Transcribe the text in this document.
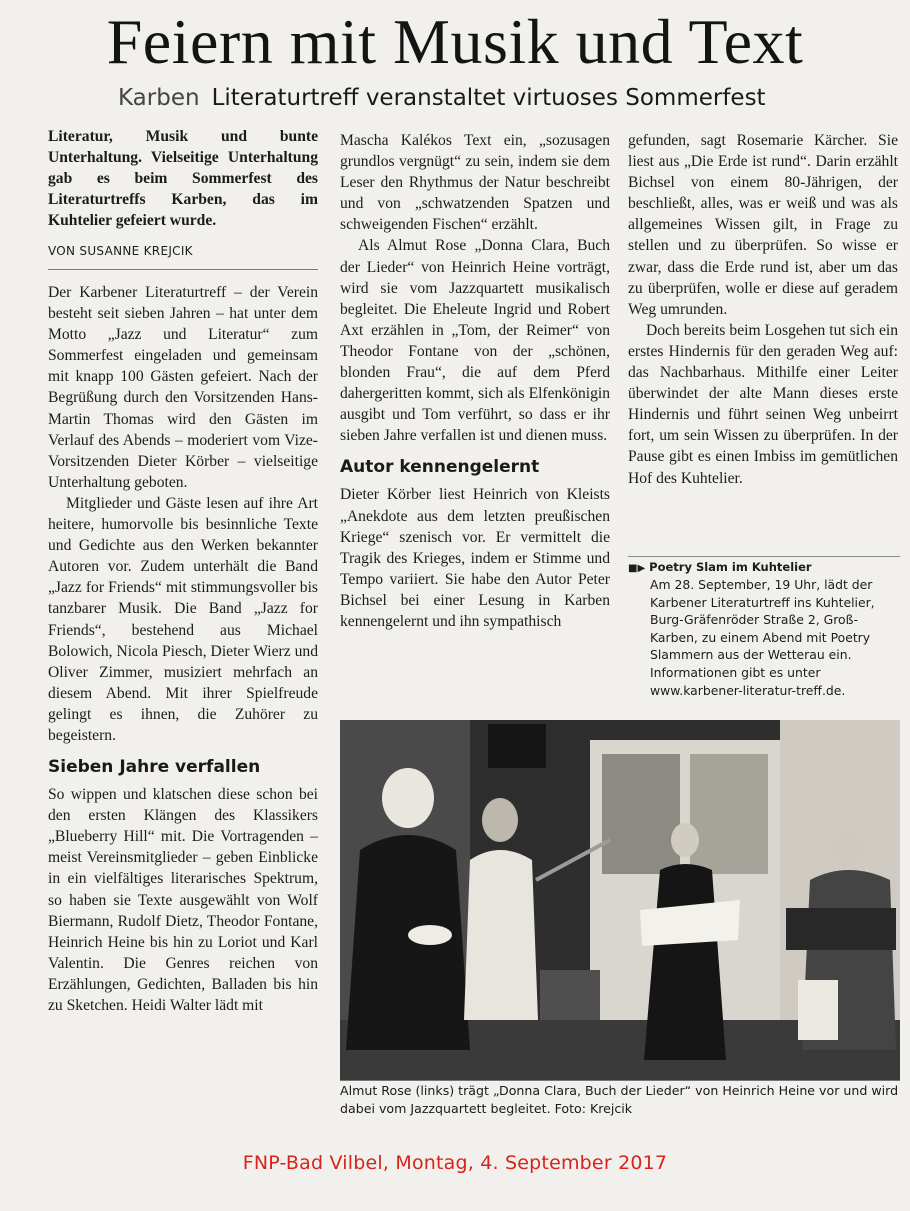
Feiern mit Musik und Text
Karben Literaturtreff veranstaltet virtuoses Sommerfest

Literatur, Musik und bunte Unterhaltung. Vielseitige Unterhaltung gab es beim Sommerfest des Literaturtreffs Karben, das im Kuhtelier gefeiert wurde.

VON SUSANNE KREJCIK

Der Karbener Literaturtreff – der Verein besteht seit sieben Jahren – hat unter dem Motto „Jazz und Literatur“ zum Sommerfest eingeladen und gemeinsam mit knapp 100 Gästen gefeiert. Nach der Begrüßung durch den Vorsitzenden Hans-Martin Thomas wird den Gästen im Verlauf des Abends – moderiert vom Vize-Vorsitzenden Dieter Körber – vielseitige Unterhaltung geboten.

Mitglieder und Gäste lesen auf ihre Art heitere, humorvolle bis besinnliche Texte und Gedichte aus den Werken bekannter Autoren vor. Zudem unterhält die Band „Jazz for Friends“ mit stimmungsvoller bis tanzbarer Musik. Die Band „Jazz for Friends“, bestehend aus Michael Bolowich, Nicola Piesch, Dieter Wierz und Oliver Zimmer, musiziert mehrfach an diesem Abend. Mit ihrer Spielfreude gelingt es ihnen, die Zuhörer zu begeistern.

Sieben Jahre verfallen

So wippen und klatschen diese schon bei den ersten Klängen des Klassikers „Blueberry Hill“ mit. Die Vortragenden – meist Vereinsmitglieder – geben Einblicke in ein vielfältiges literarisches Spektrum, so haben sie Texte ausgewählt von Wolf Biermann, Rudolf Dietz, Theodor Fontane, Heinrich Heine bis hin zu Loriot und Karl Valentin. Die Genres reichen von Erzählungen, Gedichten, Balladen bis hin zu Sketchen. Heidi Walter lädt mit

Mascha Kalékos Text ein, „sozusagen grundlos vergnügt“ zu sein, indem sie dem Leser den Rhythmus der Natur beschreibt und von „schwatzenden Spatzen und schweigenden Fischen“ erzählt.

Als Almut Rose „Donna Clara, Buch der Lieder“ von Heinrich Heine vorträgt, wird sie vom Jazzquartett musikalisch begleitet. Die Eheleute Ingrid und Robert Axt erzählen in „Tom, der Reimer“ von Theodor Fontane von der „schönen, blonden Frau“, die auf dem Pferd dahergeritten kommt, sich als Elfenkönigin ausgibt und Tom verführt, so dass er ihr sieben Jahre verfallen ist und dienen muss.

Autor kennengelernt

Dieter Körber liest Heinrich von Kleists „Anekdote aus dem letzten preußischen Kriege“ szenisch vor. Er vermittelt die Tragik des Krieges, indem er Stimme und Tempo variiert. Sie habe den Autor Peter Bichsel bei einer Lesung in Karben kennengelernt und ihn sympathisch

gefunden, sagt Rosemarie Kärcher. Sie liest aus „Die Erde ist rund“. Darin erzählt Bichsel von einem 80-Jährigen, der beschließt, alles, was er weiß und was als allgemeines Wissen gilt, in Frage zu stellen und zu überprüfen. So wisse er zwar, dass die Erde rund ist, aber um das zu überprüfen, wolle er diese auf geradem Weg umrunden.

Doch bereits beim Losgehen tut sich ein erstes Hindernis für den geraden Weg auf: das Nachbarhaus. Mithilfe einer Leiter überwindet der alte Mann dieses erste Hindernis und führt seinen Weg unbeirrt fort, um sein Wissen zu überprüfen. In der Pause gibt es einen Imbiss im gemütlichen Hof des Kuhtelier.

■▶ Poetry Slam im Kuhtelier

Am 28. September, 19 Uhr, lädt der Karbener Literaturtreff ins Kuhtelier, Burg-Gräfenröder Straße 2, Groß-Karben, zu einem Abend mit Poetry Slammern aus der Wetterau ein. Informationen gibt es unter www.karbener-literatur-treff.de.

Almut Rose (links) trägt „Donna Clara, Buch der Lieder“ von Heinrich Heine vor und wird dabei vom Jazzquartett begleitet. Foto: Krejcik
FNP-Bad Vilbel, Montag, 4. September 2017
